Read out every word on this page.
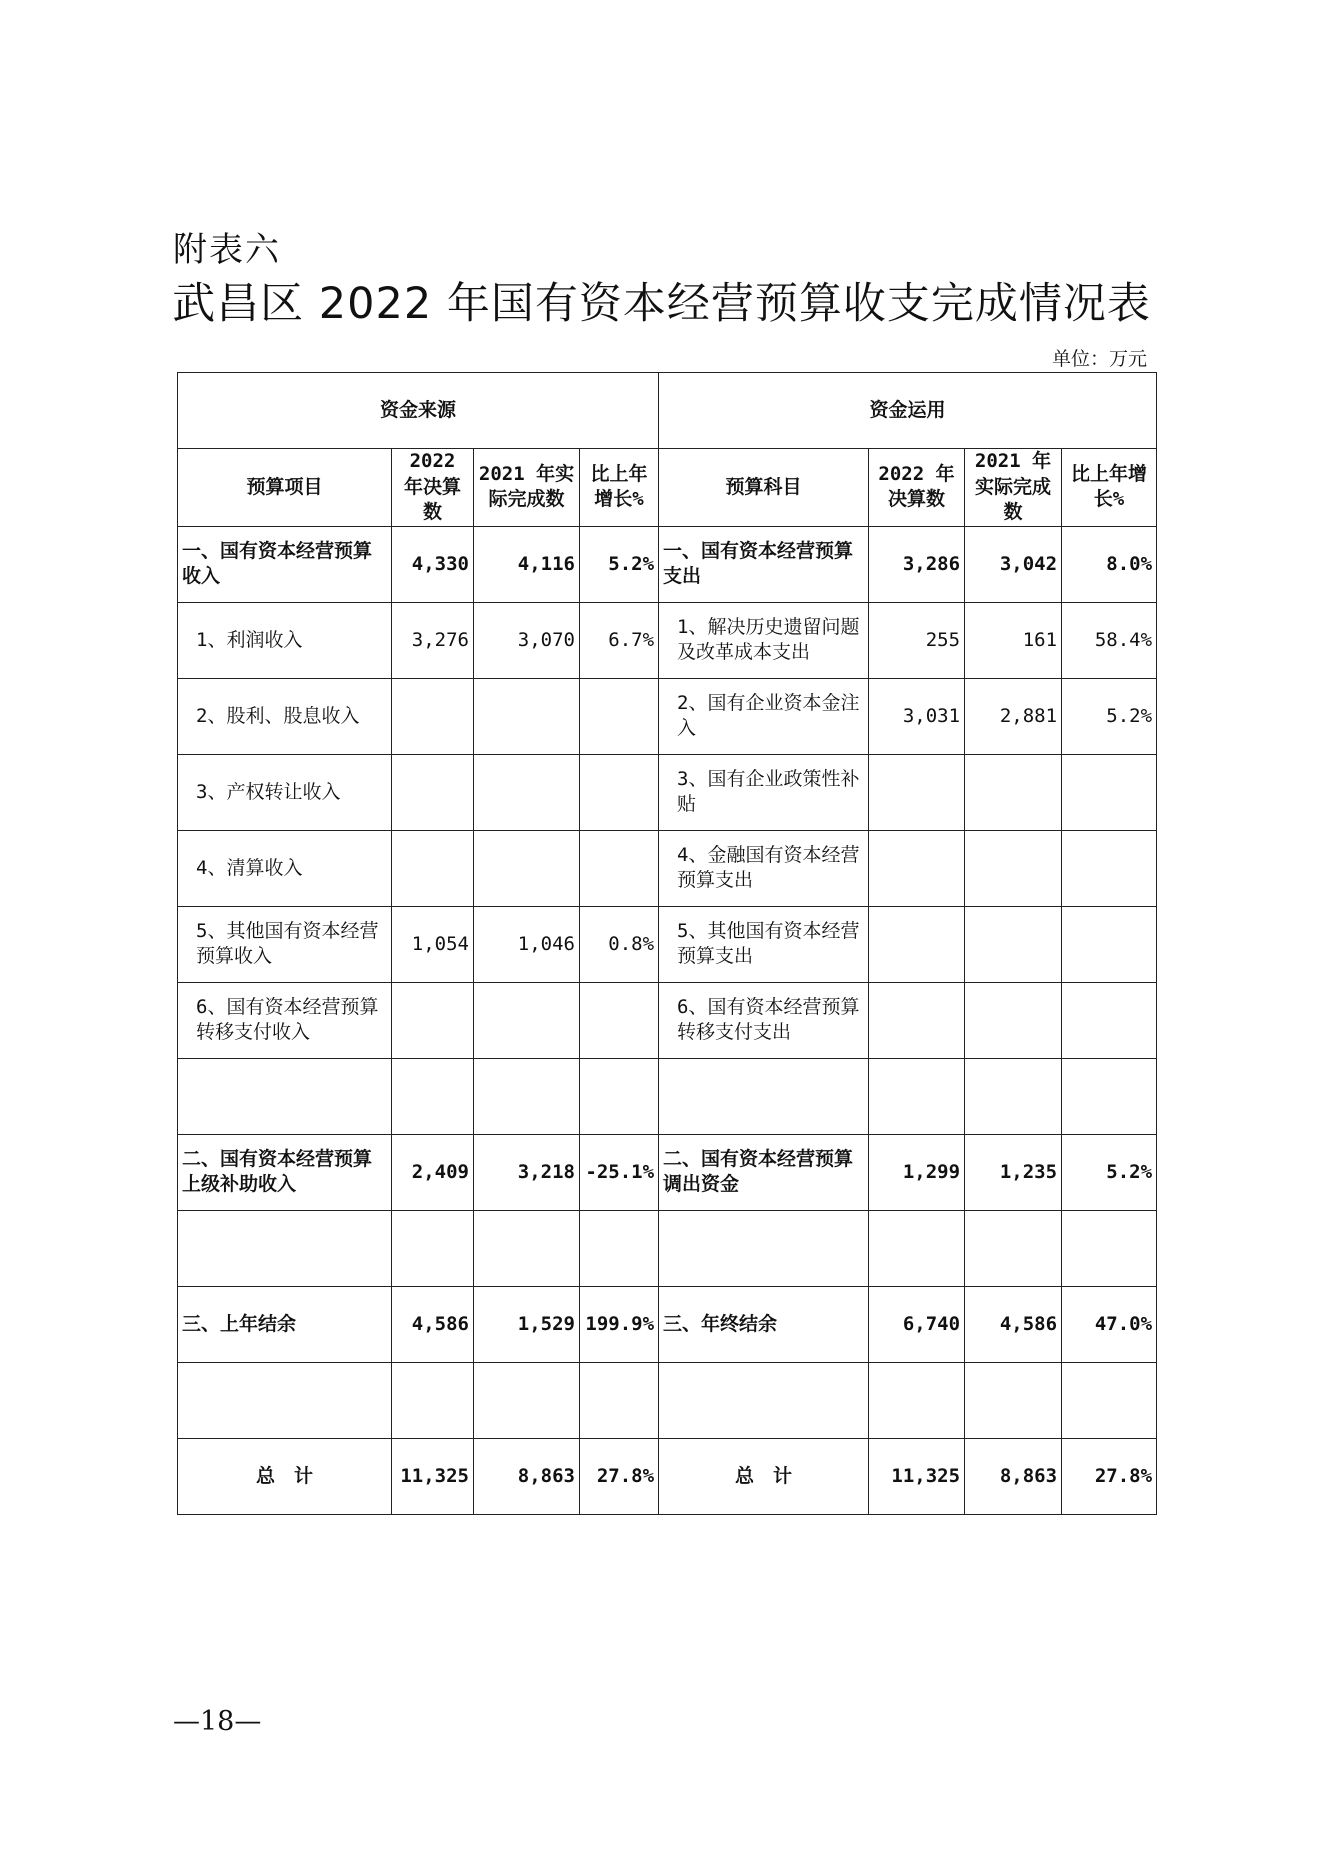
附表六
武昌区 2022 年国有资本经营预算收支完成情况表
单位：万元
资金来源				资金运用			
预算项目	2022 年决算数	2021 年实际完成数	比上年增长%	预算科目	2022 年决算数	2021 年实际完成数	比上年增长%
一、国有资本经营预算收入	4,330	4,116	5.2%	一、国有资本经营预算支出	3,286	3,042	8.0%
1、利润收入	3,276	3,070	6.7%	1、解决历史遗留问题及改革成本支出	255	161	58.4%
2、股利、股息收入				2、国有企业资本金注入	3,031	2,881	5.2%
3、产权转让收入				3、国有企业政策性补贴			
4、清算收入				4、金融国有资本经营预算支出			
5、其他国有资本经营预算收入	1,054	1,046	0.8%	5、其他国有资本经营预算支出			
6、国有资本经营预算转移支付收入				6、国有资本经营预算转移支付支出			

二、国有资本经营预算上级补助收入	2,409	3,218	-25.1%	二、国有资本经营预算调出资金	1,299	1,235	5.2%

三、上年结余	4,586	1,529	199.9%	三、年终结余	6,740	4,586	47.0%

总　计	11,325	8,863	27.8%	总　计	11,325	8,863	27.8%
—18—
